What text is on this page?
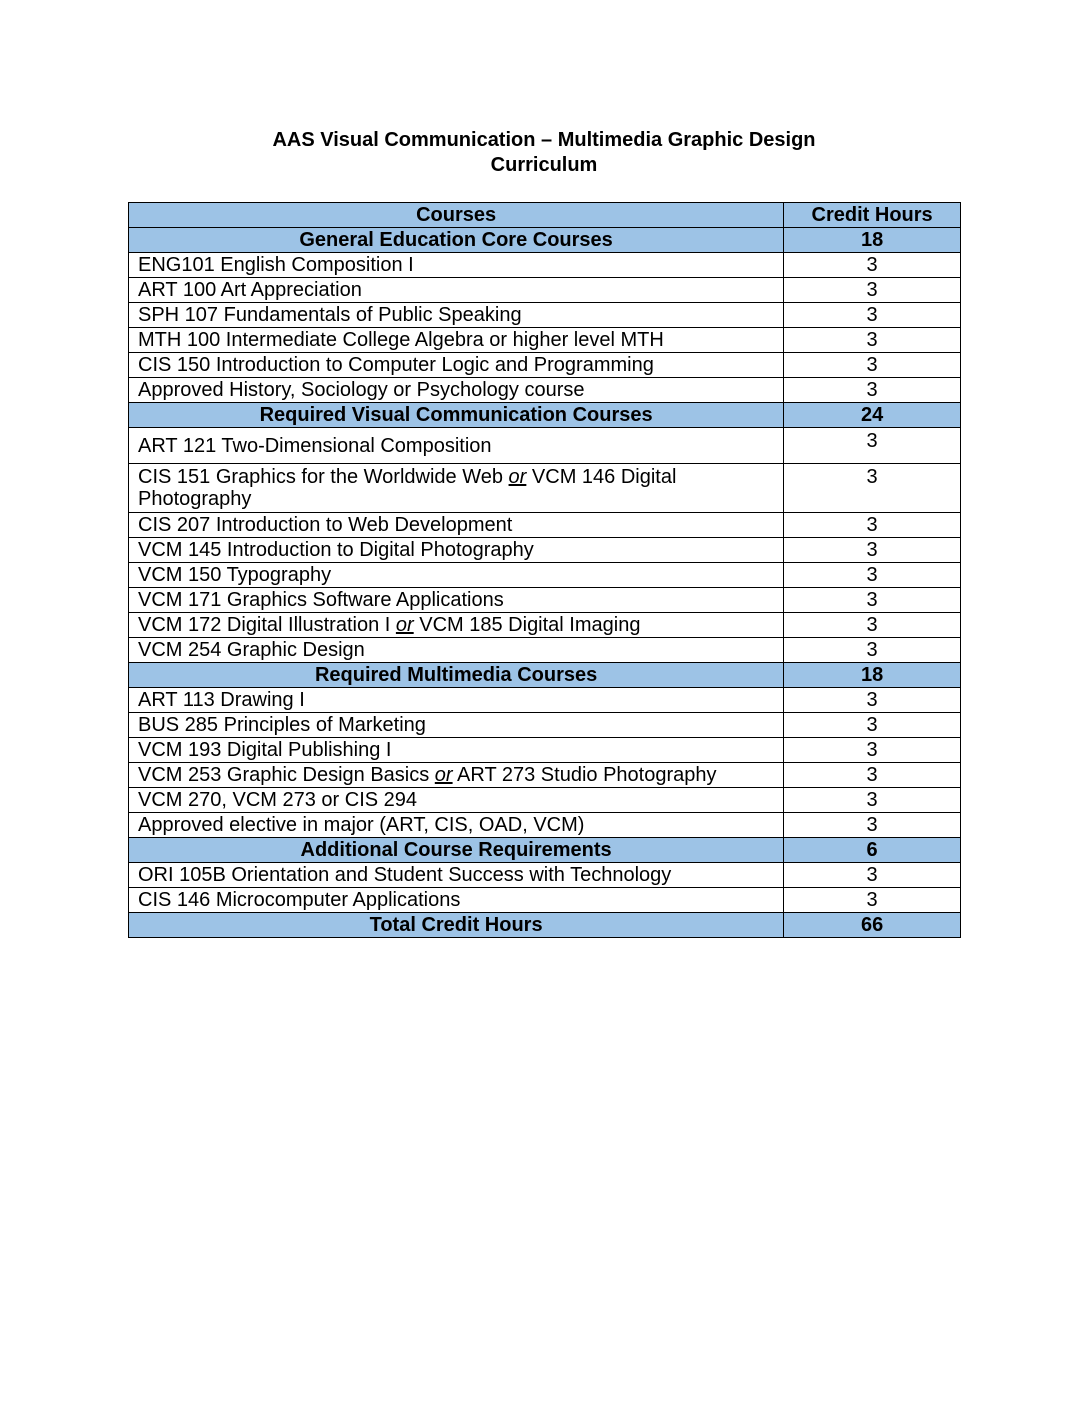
AAS Visual Communication – Multimedia Graphic Design
Curriculum
Courses	Credit Hours
General Education Core Courses	18
ENG101 English Composition I	3
ART 100 Art Appreciation	3
SPH 107 Fundamentals of Public Speaking	3
MTH 100 Intermediate College Algebra or higher level MTH	3
CIS 150 Introduction to Computer Logic and Programming	3
Approved History, Sociology or Psychology course	3
Required Visual Communication Courses	24
ART 121 Two-Dimensional Composition	3
CIS 151 Graphics for the Worldwide Web or VCM 146 Digital Photography	3
CIS 207 Introduction to Web Development	3
VCM 145 Introduction to Digital Photography	3
VCM 150 Typography	3
VCM 171 Graphics Software Applications	3
VCM 172 Digital Illustration I or VCM 185 Digital Imaging	3
VCM 254 Graphic Design	3
Required Multimedia Courses	18
ART 113 Drawing I	3
BUS 285 Principles of Marketing	3
VCM 193 Digital Publishing I	3
VCM 253 Graphic Design Basics or ART 273 Studio Photography	3
VCM 270, VCM 273 or CIS 294	3
Approved elective in major (ART, CIS, OAD, VCM)	3
Additional Course Requirements	6
ORI 105B Orientation and Student Success with Technology	3
CIS 146 Microcomputer Applications	3
Total Credit Hours	66
